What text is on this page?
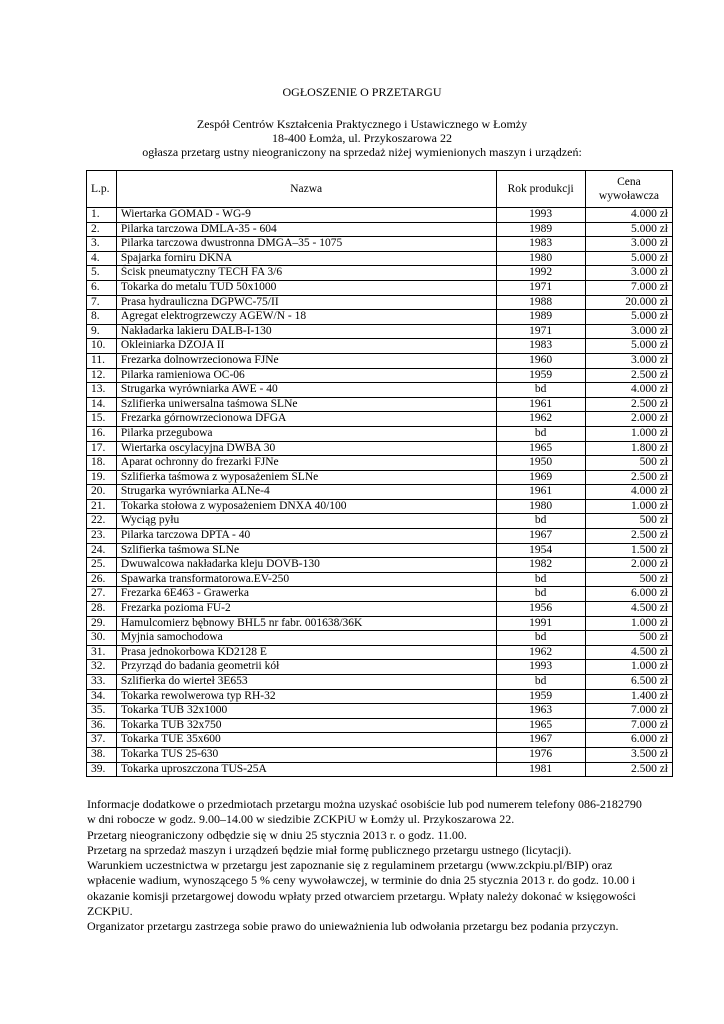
OGŁOSZENIE O PRZETARGU
Zespół Centrów Kształcenia Praktycznego i Ustawicznego w Łomży
18-400 Łomża, ul. Przykoszarowa 22
ogłasza przetarg ustny nieograniczony na sprzedaż niżej wymienionych maszyn i urządzeń:
L.p.	Nazwa	Rok produkcji	Cena
wywoławcza

1.	Wiertarka GOMAD - WG-9	1993	4.000 zł
2.	Pilarka tarczowa DMLA-35 - 604	1989	5.000 zł
3.	Pilarka tarczowa dwustronna DMGA–35 - 1075	1983	3.000 zł
4.	Spajarka forniru DKNA	1980	5.000 zł
5.	Ścisk pneumatyczny TECH FA 3/6	1992	3.000 zł
6.	Tokarka do metalu TUD 50x1000	1971	7.000 zł
7.	Prasa hydrauliczna DGPWC-75/II	1988	20.000 zł
8.	Agregat elektrogrzewczy AGEW/N - 18	1989	5.000 zł
9.	Nakładarka lakieru DALB-I-130	1971	3.000 zł
10.	Okleiniarka DZOJA II	1983	5.000 zł
11.	Frezarka dolnowrzecionowa FJNe	1960	3.000 zł
12.	Pilarka ramieniowa OC-06	1959	2.500 zł
13.	Strugarka wyrówniarka AWE - 40	bd	4.000 zł
14.	Szlifierka uniwersalna taśmowa SLNe	1961	2.500 zł
15.	Frezarka górnowrzecionowa DFGA	1962	2.000 zł
16.	Pilarka przegubowa	bd	1.000 zł
17.	Wiertarka oscylacyjna DWBA 30	1965	1.800 zł
18.	Aparat ochronny do frezarki FJNe	1950	500 zł
19.	Szlifierka taśmowa z wyposażeniem SLNe	1969	2.500 zł
20.	Strugarka wyrówniarka ALNe-4	1961	4.000 zł
21.	Tokarka stołowa z wyposażeniem DNXA 40/100	1980	1.000 zł
22.	Wyciąg pyłu	bd	500 zł
23.	Pilarka tarczowa DPTA - 40	1967	2.500 zł
24.	Szlifierka taśmowa SLNe	1954	1.500 zł
25.	Dwuwalcowa nakładarka kleju DOVB-130	1982	2.000 zł
26.	Spawarka transformatorowa.EV-250	bd	500 zł
27.	Frezarka 6E463 - Grawerka	bd	6.000 zł
28.	Frezarka pozioma FU-2	1956	4.500 zł
29.	Hamulcomierz bębnowy BHL5 nr fabr. 001638/36K	1991	1.000 zł
30.	Myjnia samochodowa	bd	500 zł
31.	Prasa jednokorbowa KD2128 E	1962	4.500 zł
32.	Przyrząd do badania geometrii kół	1993	1.000 zł
33.	Szlifierka do wierteł 3E653	bd	6.500 zł
34.	Tokarka rewolwerowa typ RH-32	1959	1.400 zł
35.	Tokarka TUB 32x1000	1963	7.000 zł
36.	Tokarka TUB 32x750	1965	7.000 zł
37.	Tokarka TUE 35x600	1967	6.000 zł
38.	Tokarka TUS 25-630	1976	3.500 zł
39.	Tokarka uproszczona TUS-25A	1981	2.500 zł

Informacje dodatkowe o przedmiotach przetargu można uzyskać osobiście lub pod numerem telefony 086-2182790 w dni robocze w godz. 9.00–14.00 w siedzibie ZCKPiU w Łomży ul. Przykoszarowa 22.

Przetarg nieograniczony odbędzie się w dniu 25 stycznia 2013 r. o godz. 11.00.

Przetarg na sprzedaż maszyn i urządzeń będzie miał formę publicznego przetargu ustnego (licytacji).

Warunkiem uczestnictwa w przetargu jest zapoznanie się z regulaminem przetargu (www.zckpiu.pl/BIP) oraz wpłacenie wadium, wynoszącego 5 % ceny wywoławczej, w terminie do dnia 25 stycznia 2013 r. do godz. 10.00 i okazanie komisji przetargowej dowodu wpłaty przed otwarciem przetargu. Wpłaty należy dokonać w księgowości ZCKPiU.

Organizator przetargu zastrzega sobie prawo do unieważnienia lub odwołania przetargu bez podania przyczyn.
